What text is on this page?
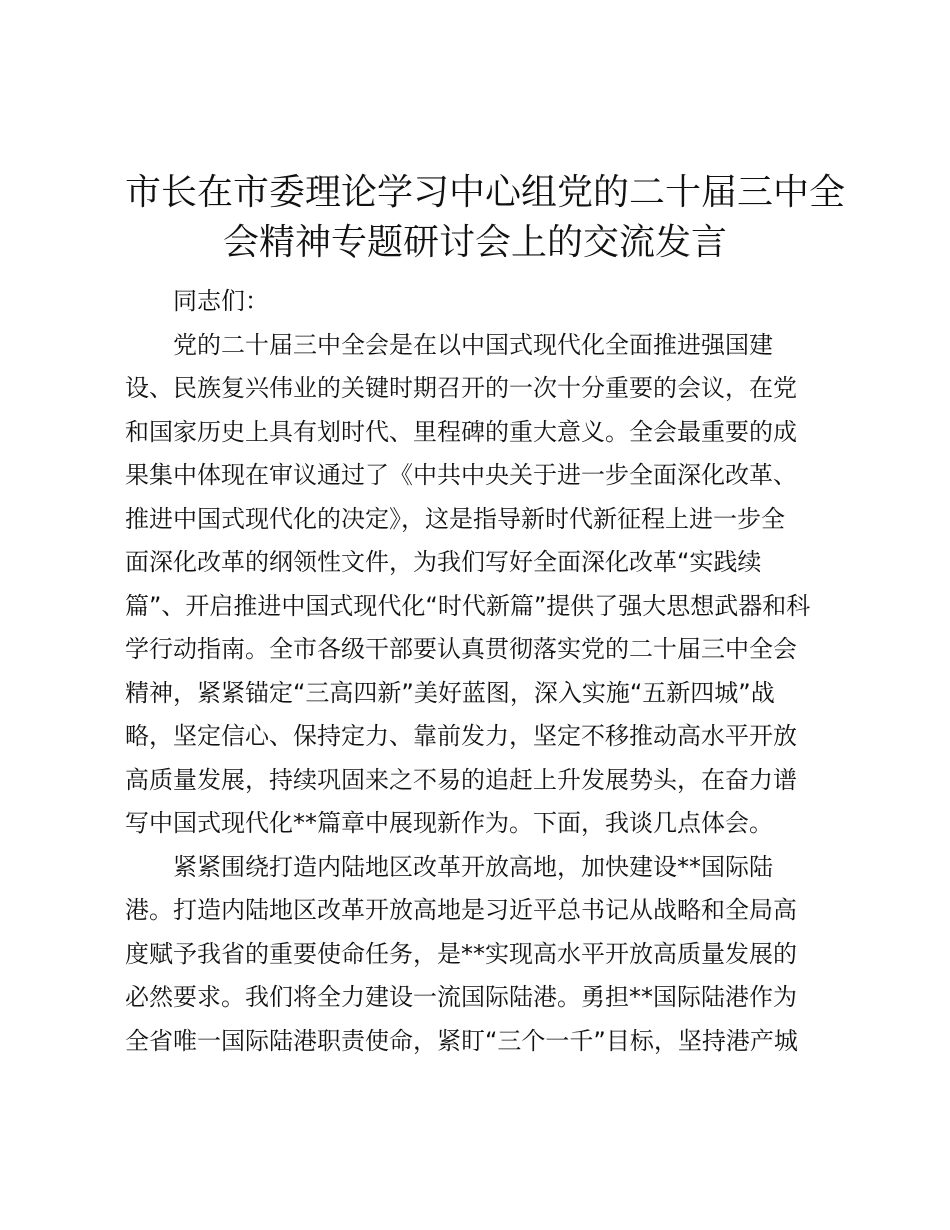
市长在市委理论学习中心组党的二十届三中全
会精神专题研讨会上的交流发言

同志们：

党的二十届三中全会是在以中国式现代化全面推进强国建
设、民族复兴伟业的关键时期召开的一次十分重要的会议，在党
和国家历史上具有划时代、里程碑的重大意义。全会最重要的成
果集中体现在审议通过了《中共中央关于进一步全面深化改革、
推进中国式现代化的决定》，这是指导新时代新征程上进一步全
面深化改革的纲领性文件，为我们写好全面深化改革“实践续
篇”、开启推进中国式现代化“时代新篇”提供了强大思想武器和科
学行动指南。全市各级干部要认真贯彻落实党的二十届三中全会
精神，紧紧锚定“三高四新”美好蓝图，深入实施“五新四城”战
略，坚定信心、保持定力、靠前发力，坚定不移推动高水平开放
高质量发展，持续巩固来之不易的追赶上升发展势头，在奋力谱
写中国式现代化**篇章中展现新作为。下面，我谈几点体会。

紧紧围绕打造内陆地区改革开放高地，加快建设**国际陆
港。打造内陆地区改革开放高地是习近平总书记从战略和全局高
度赋予我省的重要使命任务，是**实现高水平开放高质量发展的
必然要求。我们将全力建设一流国际陆港。勇担**国际陆港作为
全省唯一国际陆港职责使命，紧盯“三个一千”目标，坚持港产城
